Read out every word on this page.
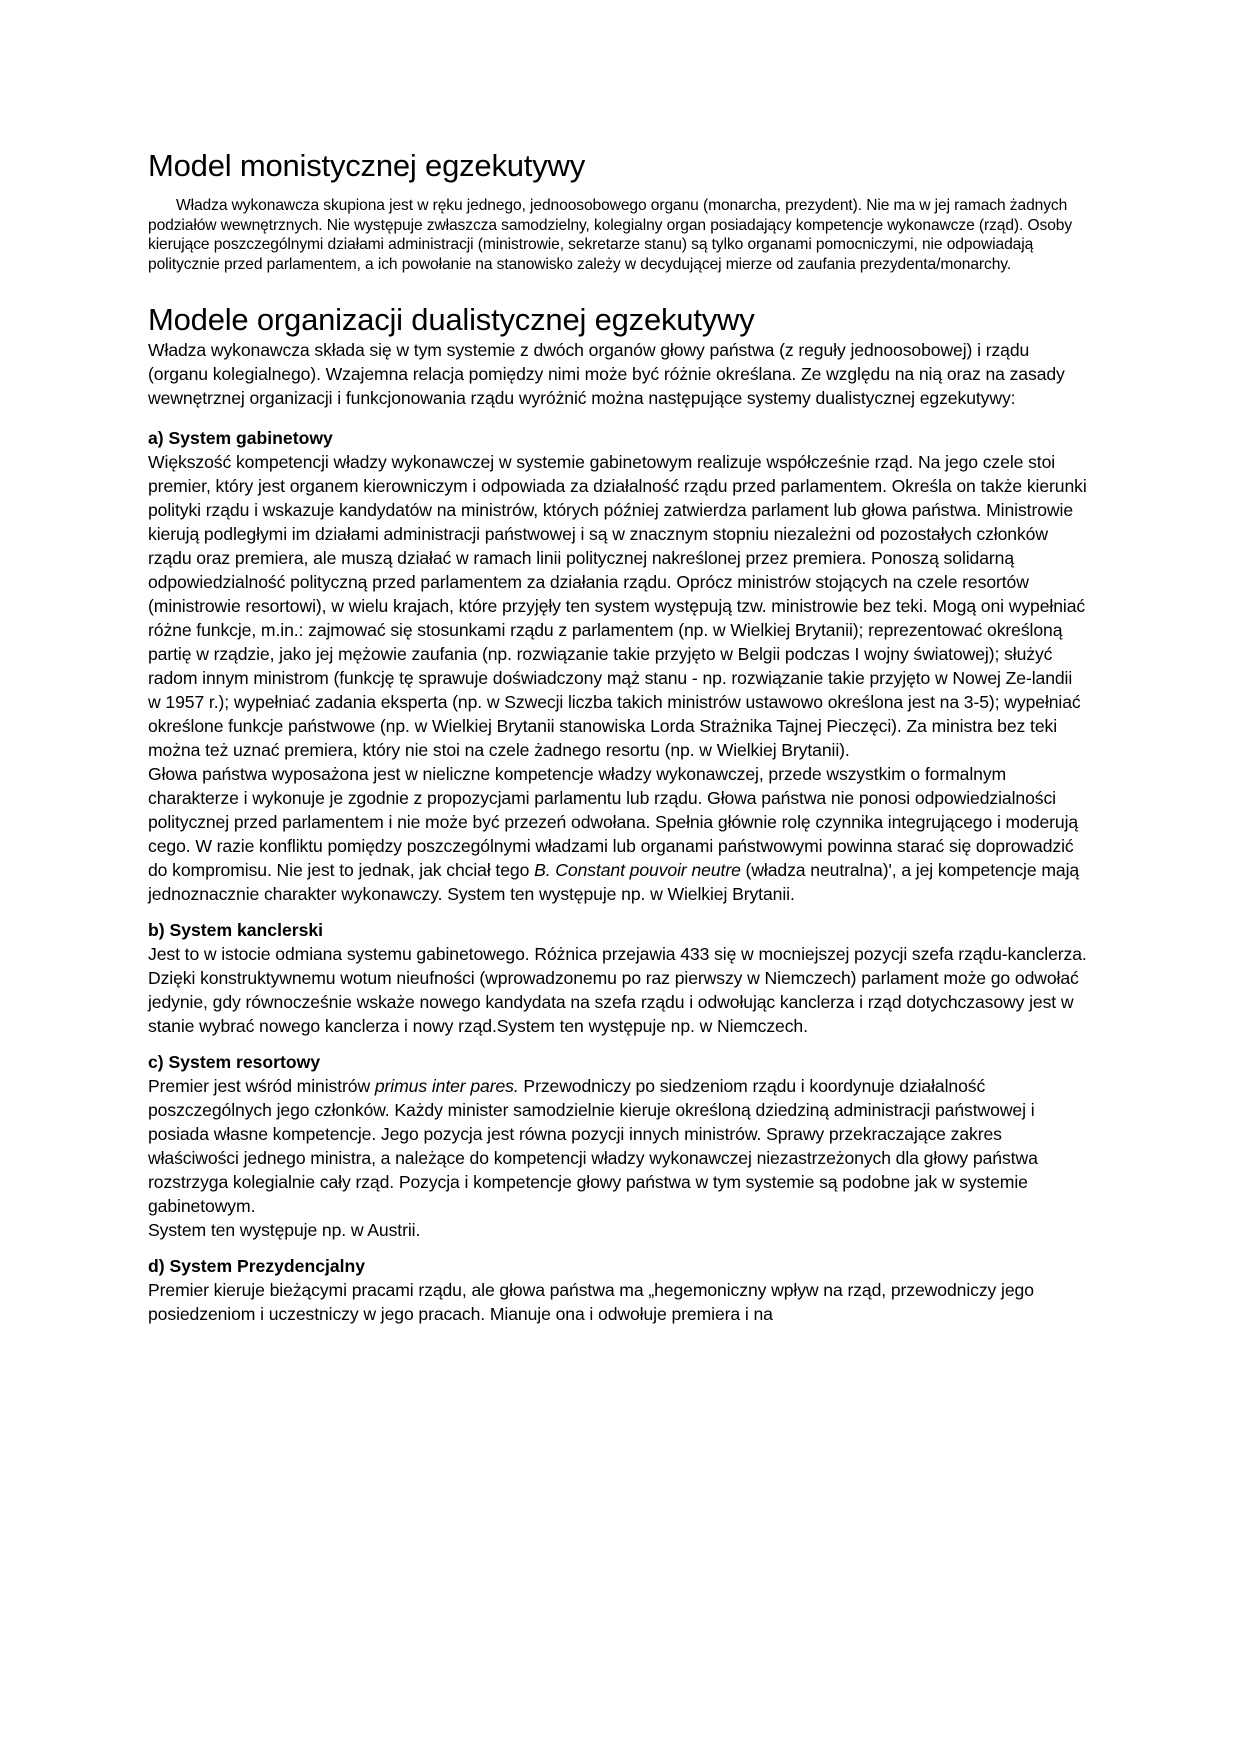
Model monistycznej egzekutywy

Władza wykonawcza skupiona jest w ręku jednego, jednoosobowego organu (monarcha, prezydent). Nie ma w jej ramach żadnych podziałów wewnętrznych. Nie występuje zwłaszcza samodzielny, kolegialny organ posiadający kompetencje wykonawcze (rząd). Osoby kierujące poszczególnymi działami administracji (ministrowie, sekretarze stanu) są tylko organami pomocniczymi, nie odpowiadają politycznie przed parlamentem, a ich powołanie na stanowisko zależy w decydującej mierze od zaufania prezydenta/monarchy.

Modele organizacji dualistycznej egzekutywy

Władza wykonawcza składa się w tym systemie z dwóch organów głowy państwa (z reguły jednoosobowej) i rządu (organu kolegialnego). Wzajemna relacja pomiędzy nimi może być różnie określana. Ze względu na nią oraz na zasady wewnętrznej organizacji i funkcjonowania rządu wyróżnić można następujące systemy dualistycznej egzekutywy:

a) System gabinetowy

Większość kompetencji władzy wykonawczej w systemie gabinetowym realizuje współcześnie rząd. Na jego czele stoi premier, który jest organem kierowniczym i odpowiada za działalność rządu przed parlamentem. Określa on także kierunki polityki rządu i wskazuje kandydatów na ministrów, których później zatwierdza parlament lub głowa państwa. Ministrowie kierują podległymi im działami administracji państwowej i są w znacznym stopniu niezależni od pozostałych członków rządu oraz premiera, ale muszą działać w ramach linii politycznej nakreślonej przez premiera. Ponoszą solidarną odpowiedzialność polityczną przed parlamentem za działania rządu. Oprócz ministrów stojących na czele resortów (ministrowie resortowi), w wielu krajach, które przyjęły ten system występują tzw. ministrowie bez teki. Mogą oni wypełniać różne funkcje, m.in.: zajmować się stosunkami rządu z parlamentem (np. w Wielkiej Brytanii); reprezentować określoną partię w rządzie, jako jej mężowie zaufania (np. rozwiązanie takie przyjęto w Belgii podczas I wojny światowej); służyć radom innym ministrom (funkcję tę sprawuje doświadczony mąż stanu - np. rozwiązanie takie przyjęto w Nowej Ze-landii w 1957 r.); wypełniać zadania eksperta (np. w Szwecji liczba takich ministrów ustawowo określona jest na 3-5); wypełniać określone funkcje państwowe (np. w Wielkiej Brytanii stanowiska Lorda Strażnika Tajnej Pieczęci). Za ministra bez teki można też uznać premiera, który nie stoi na czele żadnego resortu (np. w Wielkiej Brytanii).

Głowa państwa wyposażona jest w nieliczne kompetencje władzy wykonawczej, przede wszystkim o formalnym charakterze i wykonuje je zgodnie z propozycjami parlamentu lub rządu. Głowa państwa nie ponosi odpowiedzialności politycznej przed parlamentem i nie może być przezeń odwołana. Spełnia głównie rolę czynnika integrującego i moderują cego. W razie konfliktu pomiędzy poszczególnymi władzami lub organami państwowymi powinna starać się doprowadzić do kompromisu. Nie jest to jednak, jak chciał tego B. Constant pouvoir neutre (władza neutralna)', a jej kompetencje mają jednoznacznie charakter wykonawczy. System ten występuje np. w Wielkiej Brytanii.

b) System kanclerski

Jest to w istocie odmiana systemu gabinetowego. Różnica przejawia 433 się w mocniejszej pozycji szefa rządu-kanclerza. Dzięki konstruktywnemu wotum nieufności (wprowadzonemu po raz pierwszy w Niemczech) parlament może go odwołać jedynie, gdy równocześnie wskaże nowego kandydata na szefa rządu i odwołując kanclerza i rząd dotychczasowy jest w stanie wybrać nowego kanclerza i nowy rząd.System ten występuje np. w Niemczech.

c) System resortowy

Premier jest wśród ministrów primus inter pares. Przewodniczy po siedzeniom rządu i koordynuje działalność poszczególnych jego członków. Każdy minister samodzielnie kieruje określoną dziedziną administracji państwowej i posiada własne kompetencje. Jego pozycja jest równa pozycji innych ministrów. Sprawy przekraczające zakres właściwości jednego ministra, a należące do kompetencji władzy wykonawczej niezastrzeżonych dla głowy państwa rozstrzyga kolegialnie cały rząd. Pozycja i kompetencje głowy państwa w tym systemie są podobne jak w systemie gabinetowym.

System ten występuje np. w Austrii.

d) System Prezydencjalny

Premier kieruje bieżącymi pracami rządu, ale głowa państwa ma „hegemoniczny wpływ na rząd, przewodniczy jego posiedzeniom i uczestniczy w jego pracach. Mianuje ona i odwołuje premiera i na
